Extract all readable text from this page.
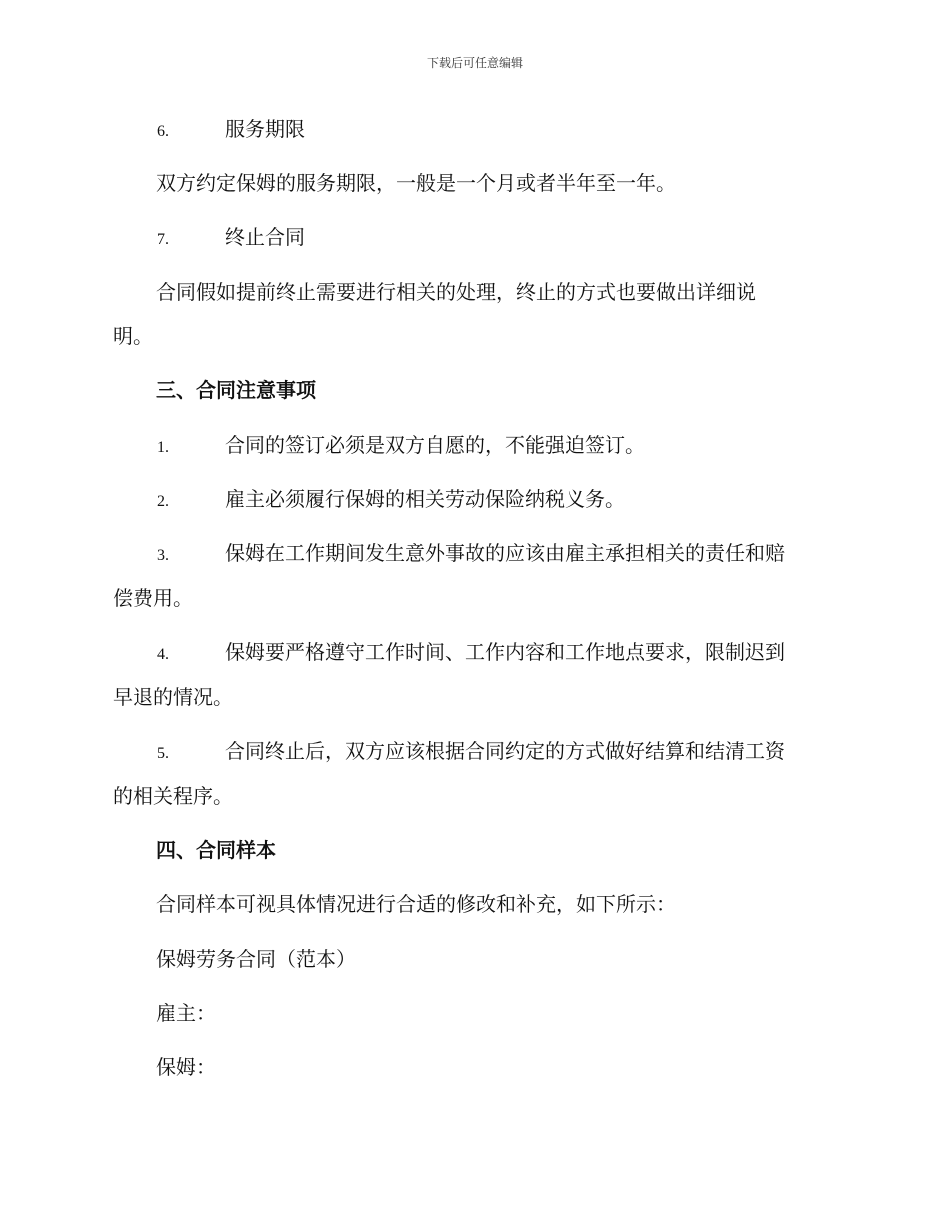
下载后可任意编辑
6.	服务期限
双方约定保姆的服务期限，一般是一个月或者半年至一年。
7.	终止合同
合同假如提前终止需要进行相关的处理，终止的方式也要做出详细说
明。
三、合同注意事项
1.	合同的签订必须是双方自愿的，不能强迫签订。
2.	雇主必须履行保姆的相关劳动保险纳税义务。
3.	保姆在工作期间发生意外事故的应该由雇主承担相关的责任和赔
偿费用。
4.	保姆要严格遵守工作时间、工作内容和工作地点要求，限制迟到
早退的情况。
5.	合同终止后，双方应该根据合同约定的方式做好结算和结清工资
的相关程序。
四、合同样本
合同样本可视具体情况进行合适的修改和补充，如下所示：
保姆劳务合同（范本）
雇主：
保姆：
